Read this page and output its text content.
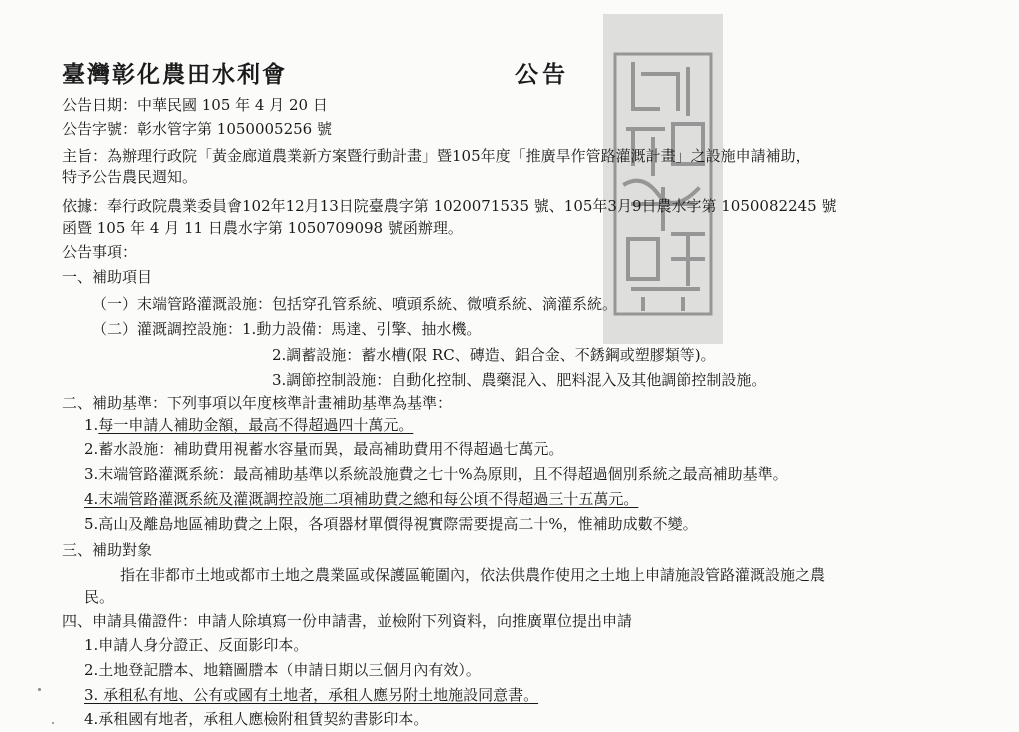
臺灣彰化農田水利會	公告
公告日期：中華民國 105 年 4 月 20 日
公告字號：彰水管字第 1050005256 號
主旨：為辦理行政院「黃金廊道農業新方案暨行動計畫」暨105年度「推廣旱作管路灌溉計畫」之設施申請補助，
特予公告農民週知。
依據：奉行政院農業委員會102年12月13日院臺農字第 1020071535 號、105年3月9日農水字第 1050082245 號
函暨 105 年 4 月 11 日農水字第 1050709098 號函辦理。
公告事項：
一、補助項目
（一）末端管路灌溉設施：包括穿孔管系統、噴頭系統、微噴系統、滴灌系統。
（二）灌溉調控設施：1.動力設備：馬達、引擎、抽水機。
2.調蓄設施：蓄水槽(限 RC、磚造、鋁合金、不銹鋼或塑膠類等)。
3.調節控制設施：自動化控制、農藥混入、肥料混入及其他調節控制設施。
二、補助基準：下列事項以年度核準計畫補助基準為基準：
1.每一申請人補助金額，最高不得超過四十萬元。
2.蓄水設施：補助費用視蓄水容量而異，最高補助費用不得超過七萬元。
3.末端管路灌溉系統：最高補助基準以系統設施費之七十%為原則，且不得超過個別系統之最高補助基準。
4.末端管路灌溉系統及灌溉調控設施二項補助費之總和每公頃不得超過三十五萬元。
5.高山及離島地區補助費之上限，各項器材單價得視實際需要提高二十%，惟補助成數不變。
三、補助對象
指在非都市土地或都市土地之農業區或保護區範圍內，依法供農作使用之土地上申請施設管路灌溉設施之農
民。
四、申請具備證件：申請人除填寫一份申請書，並檢附下列資料，向推廣單位提出申請
1.申請人身分證正、反面影印本。
2.土地登記謄本、地籍圖謄本（申請日期以三個月內有效）。
3. 承租私有地、公有或國有土地者，承租人應另附土地施設同意書。
4.承租國有地者，承租人應檢附租賃契約書影印本。
